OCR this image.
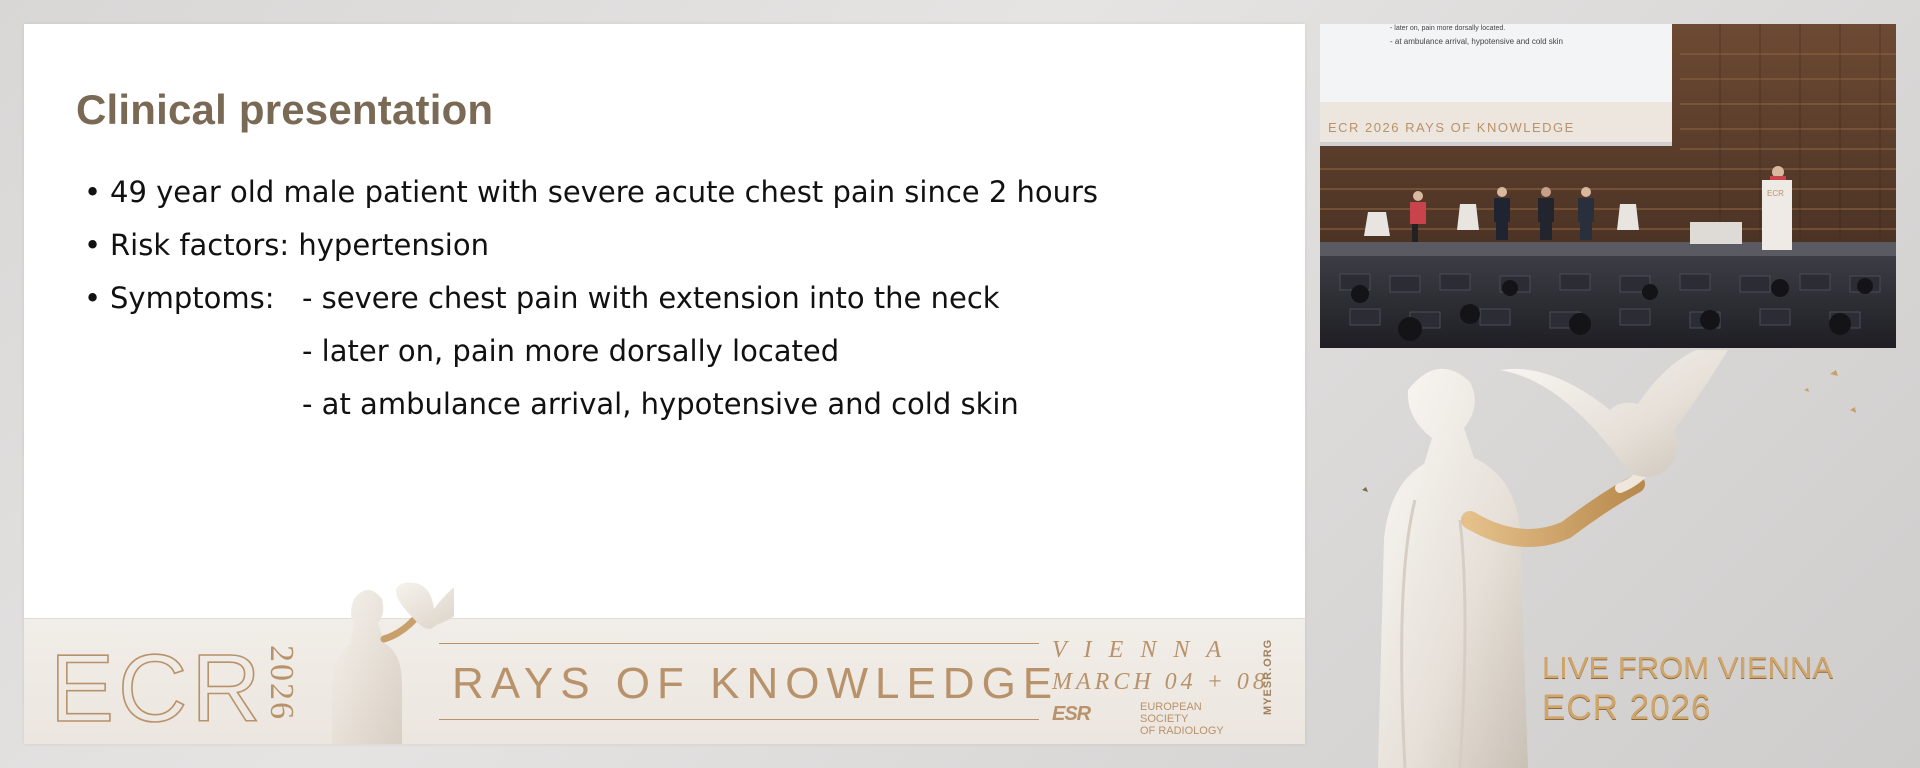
Clinical presentation
• 49 year old male patient with severe acute chest pain since 2 hours
• Risk factors: hypertension
• Symptoms: - severe chest pain with extension into the neck
- later on, pain more dorsally located
- at ambulance arrival, hypotensive and cold skin
ECR
2026	RAYS OF KNOWLEDGE
VIENNA
MARCH 04 + 08
ESR	EUROPEAN SOCIETY
OF RADIOLOGY
MYESR.ORG
- later on, pain more dorsally located.
- at ambulance arrival, hypotensive and cold skin
ECR 2026 RAYS OF KNOWLEDGE
ECR
LIVE FROM VIENNA
ECR 2026
